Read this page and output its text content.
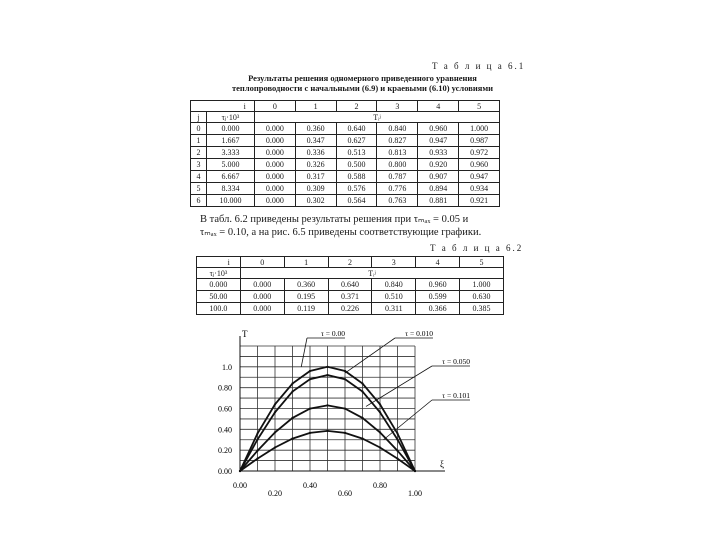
Т а б л и ц а 6.1
Результаты решения одномерного приведенного уравнения
теплопроводности с начальными (6.9) и краевыми (6.10) условиями
i		0	1	2	3	4	5
j	τⱼ·10³	Tᵢʲ					
0	0.000	0.000	0.360	0.640	0.840	0.960	1.000
1	1.667	0.000	0.347	0.627	0.827	0.947	0.987
2	3.333	0.000	0.336	0.513	0.813	0.933	0.972
3	5.000	0.000	0.326	0.500	0.800	0.920	0.960
4	6.667	0.000	0.317	0.588	0.787	0.907	0.947
5	8.334	0.000	0.309	0.576	0.776	0.894	0.934
6	10.000	0.000	0.302	0.564	0.763	0.881	0.921
В табл. 6.2 приведены результаты решения при τₘₐₓ = 0.05 и
τₘₐₓ = 0.10, а на рис. 6.5 приведены соответствующие графики.
Т а б л и ц а 6.2
i	0	1	2	3	4	5
τⱼ·10³	Tᵢʲ					
0.000	0.000	0.360	0.640	0.840	0.960	1.000
50.00	0.000	0.195	0.371	0.510	0.599	0.630
100.0	0.000	0.119	0.226	0.311	0.366	0.385
T
ξ
1.0
0.80
0.60
0.40
0.20
0.00
0.00	0.40	0.80
0.20	0.60	1.00
τ = 0.00	τ = 0.010
τ = 0.050
τ = 0.101
